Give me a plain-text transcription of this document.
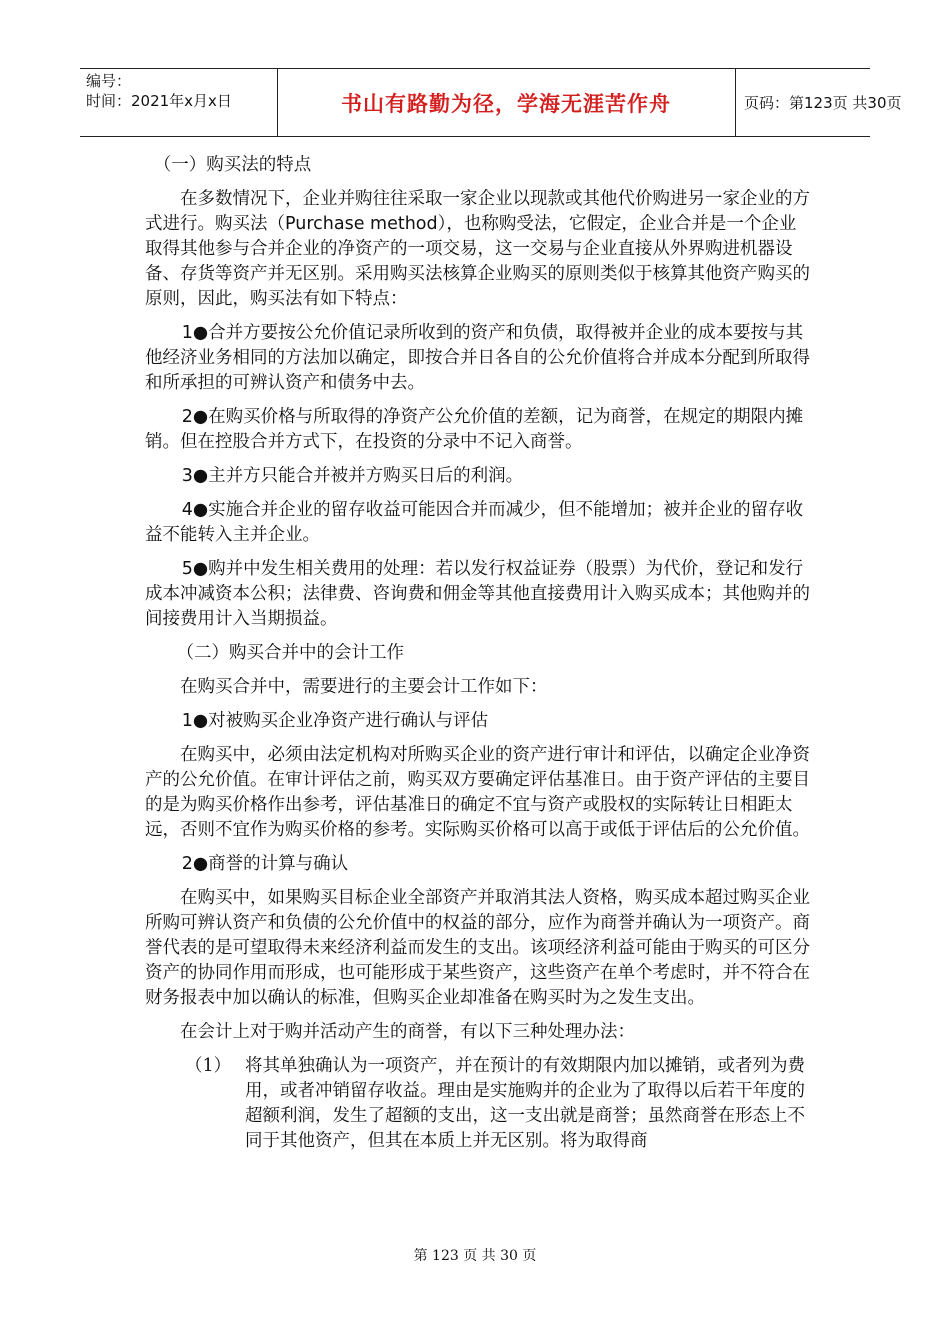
编号：
时间：2021年x月x日	书山有路勤为径，学海无涯苦作舟	页码：第123页 共30页

（一）购买法的特点

在多数情况下，企业并购往往采取一家企业以现款或其他代价购进另一家企业的方式进行。购买法（Purchase method），也称购受法，它假定，企业合并是一个企业取得其他参与合并企业的净资产的一项交易，这一交易与企业直接从外界购进机器设备、存货等资产并无区别。采用购买法核算企业购买的原则类似于核算其他资产购买的原则，因此，购买法有如下特点：

1●合并方要按公允价值记录所收到的资产和负债，取得被并企业的成本要按与其他经济业务相同的方法加以确定，即按合并日各自的公允价值将合并成本分配到所取得和所承担的可辨认资产和债务中去。

2●在购买价格与所取得的净资产公允价值的差额，记为商誉，在规定的期限内摊销。但在控股合并方式下，在投资的分录中不记入商誉。

3●主并方只能合并被并方购买日后的利润。

4●实施合并企业的留存收益可能因合并而减少，但不能增加；被并企业的留存收益不能转入主并企业。

5●购并中发生相关费用的处理：若以发行权益证券（股票）为代价，登记和发行成本冲减资本公积；法律费、咨询费和佣金等其他直接费用计入购买成本；其他购并的间接费用计入当期损益。

（二）购买合并中的会计工作

在购买合并中，需要进行的主要会计工作如下：

1●对被购买企业净资产进行确认与评估

在购买中，必须由法定机构对所购买企业的资产进行审计和评估，以确定企业净资产的公允价值。在审计评估之前，购买双方要确定评估基准日。由于资产评估的主要目的是为购买价格作出参考，评估基准日的确定不宜与资产或股权的实际转让日相距太远，否则不宜作为购买价格的参考。实际购买价格可以高于或低于评估后的公允价值。

2●商誉的计算与确认

在购买中，如果购买目标企业全部资产并取消其法人资格，购买成本超过购买企业所购可辨认资产和负债的公允价值中的权益的部分，应作为商誉并确认为一项资产。商誉代表的是可望取得未来经济利益而发生的支出。该项经济利益可能由于购买的可区分资产的协同作用而形成，也可能形成于某些资产，这些资产在单个考虑时，并不符合在财务报表中加以确认的标准，但购买企业却准备在购买时为之发生支出。

在会计上对于购并活动产生的商誉，有以下三种处理办法：

（1） 将其单独确认为一项资产，并在预计的有效期限内加以摊销，或者列为费用，或者冲销留存收益。理由是实施购并的企业为了取得以后若干年度的超额利润，发生了超额的支出，这一支出就是商誉；虽然商誉在形态上不同于其他资产，但其在本质上并无区别。将为取得商
第 123 页 共 30 页
